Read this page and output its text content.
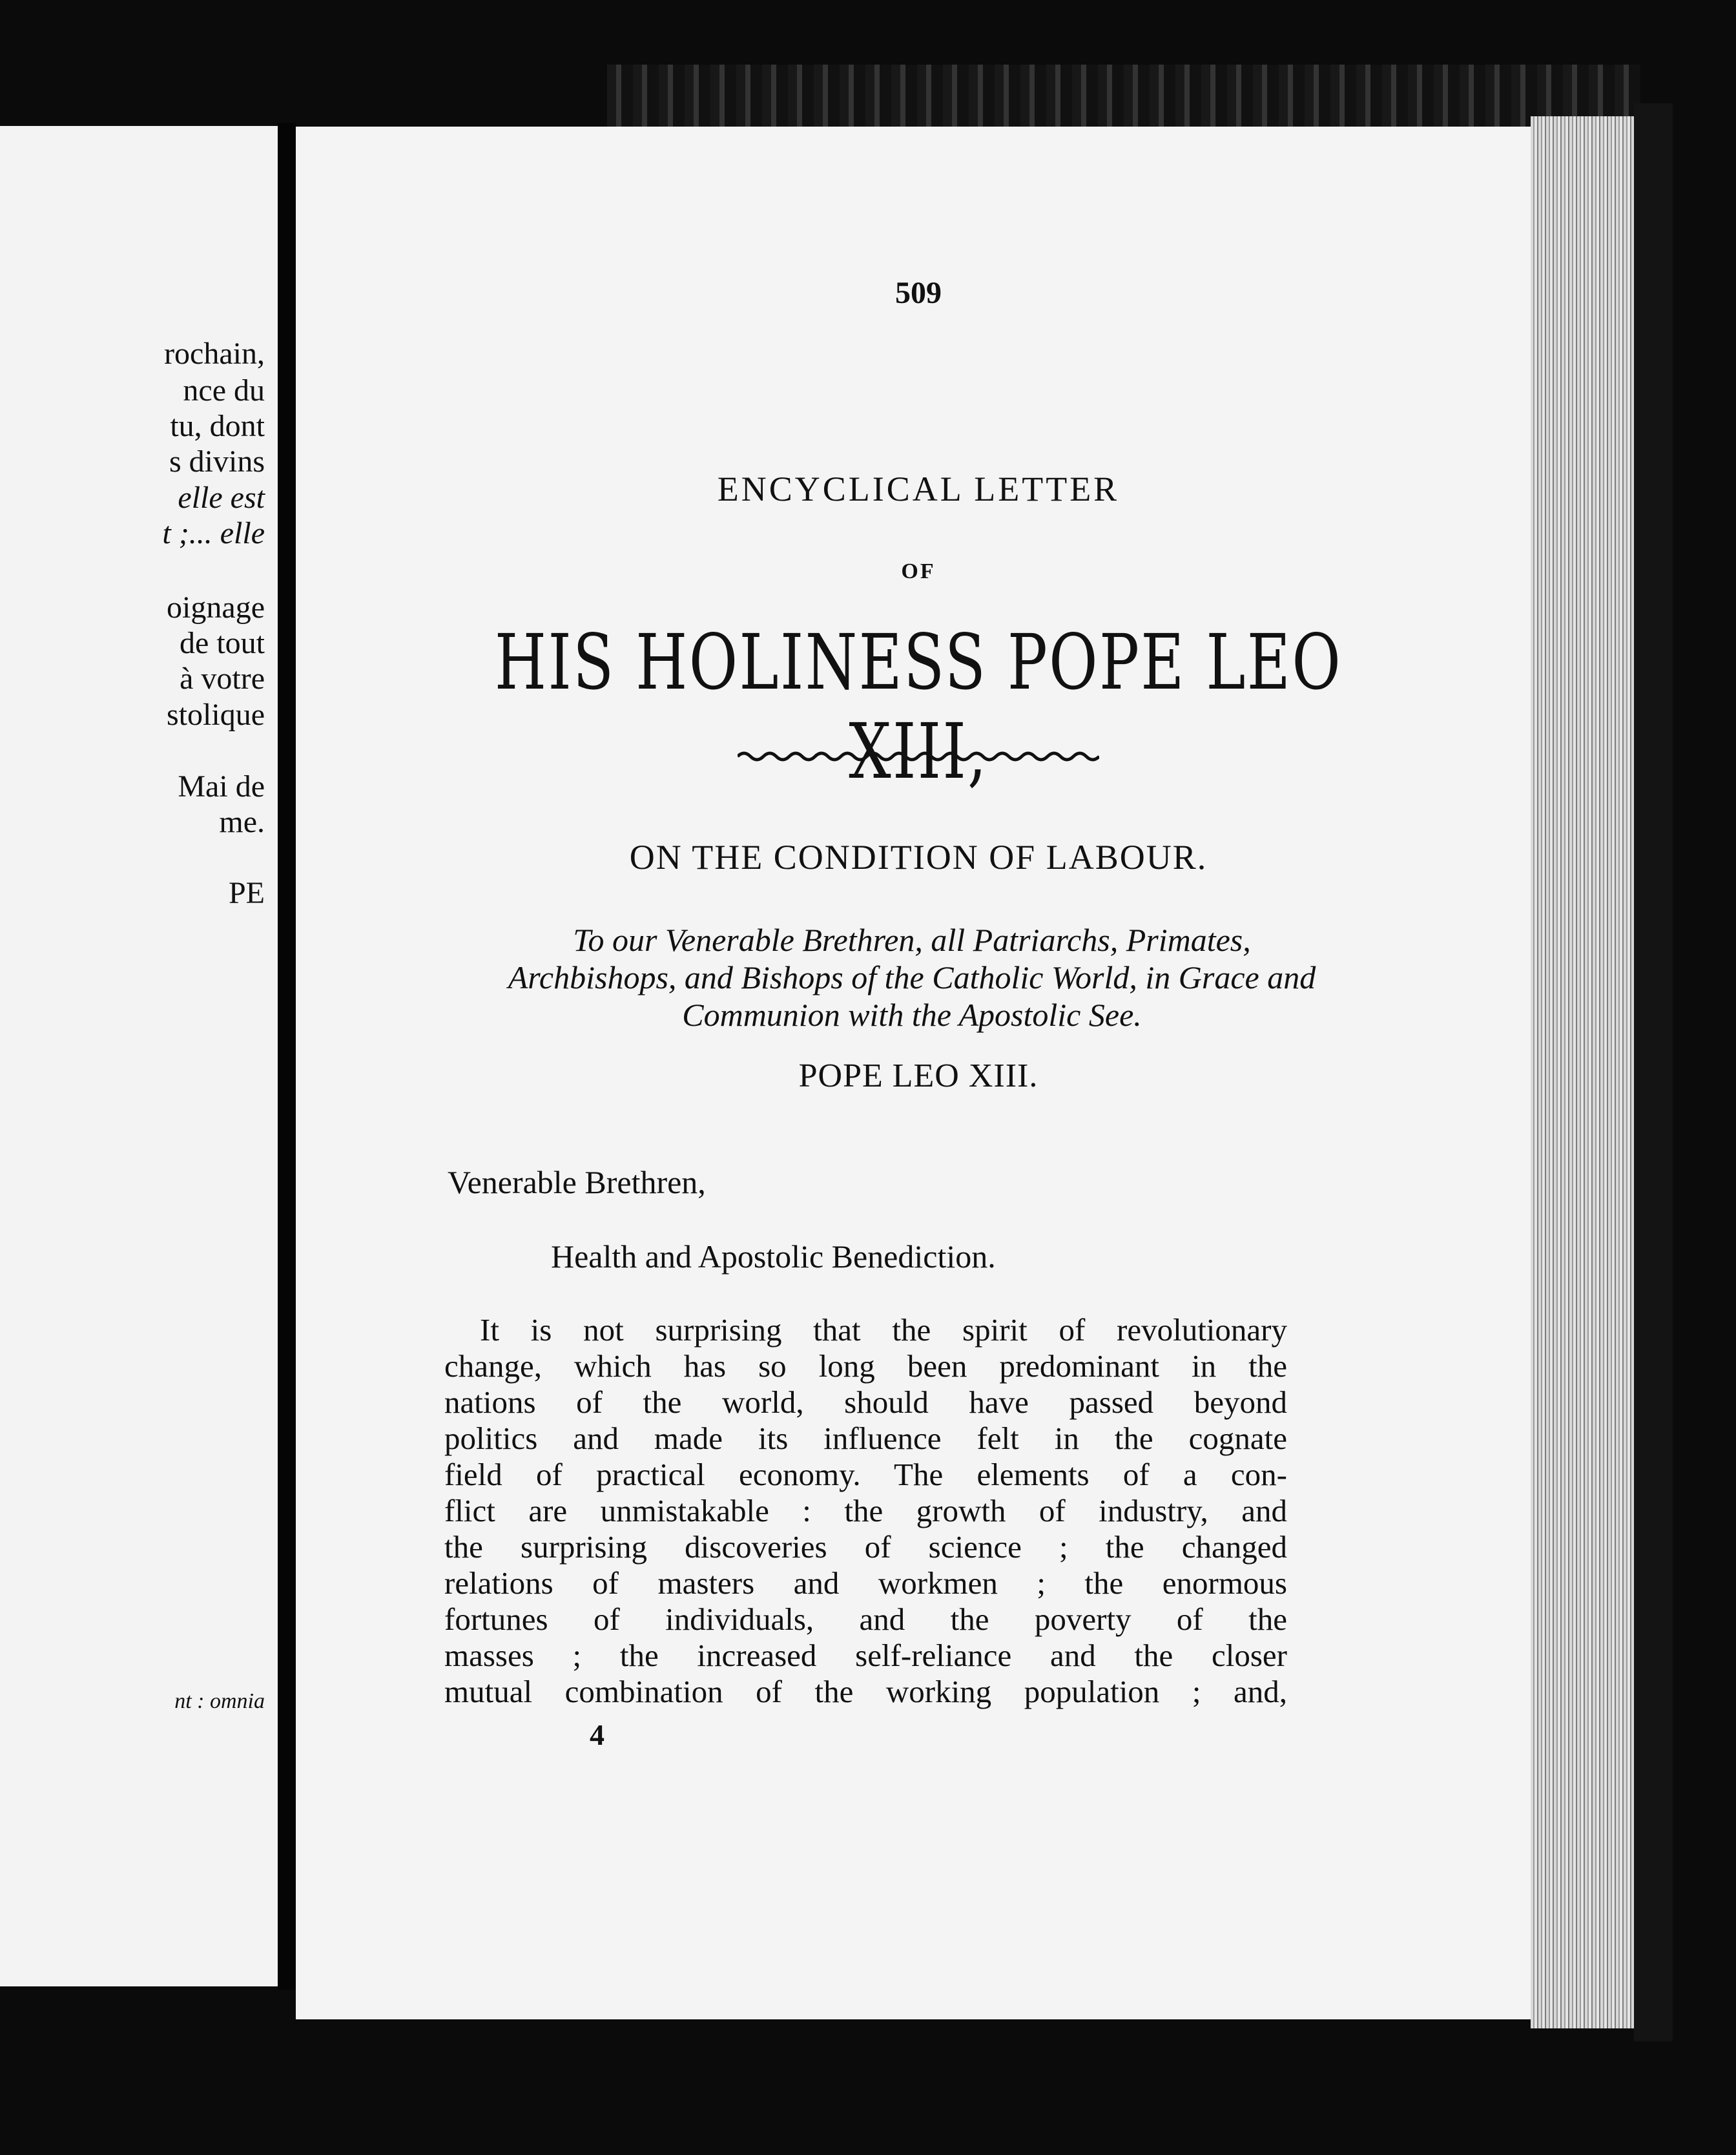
rochain,
nce du
tu, dont
s divins
elle est
t ;... elle
oignage
de tout
à votre
stolique
Mai de
me.
PE
nt : omnia
509
ENCYCLICAL LETTER
OF
HIS HOLINESS POPE LEO XIII,
ON THE CONDITION OF LABOUR.
To our Venerable Brethren, all Patriarchs, Primates, Archbishops, and Bishops of the Catholic World, in Grace and Communion with the Apostolic See.
POPE LEO XIII.
Venerable Brethren,
Health and Apostolic Benediction.
It is not surprising that the spirit of revolutionary
change, which has so long been predominant in the
nations of the world, should have passed beyond
politics and made its influence felt in the cognate
field of practical economy. The elements of a con-
flict are unmistakable : the growth of industry, and
the surprising discoveries of science ; the changed
relations of masters and workmen ; the enormous
fortunes of individuals, and the poverty of the
masses ; the increased self-reliance and the closer
mutual combination of the working population ; and,
4
